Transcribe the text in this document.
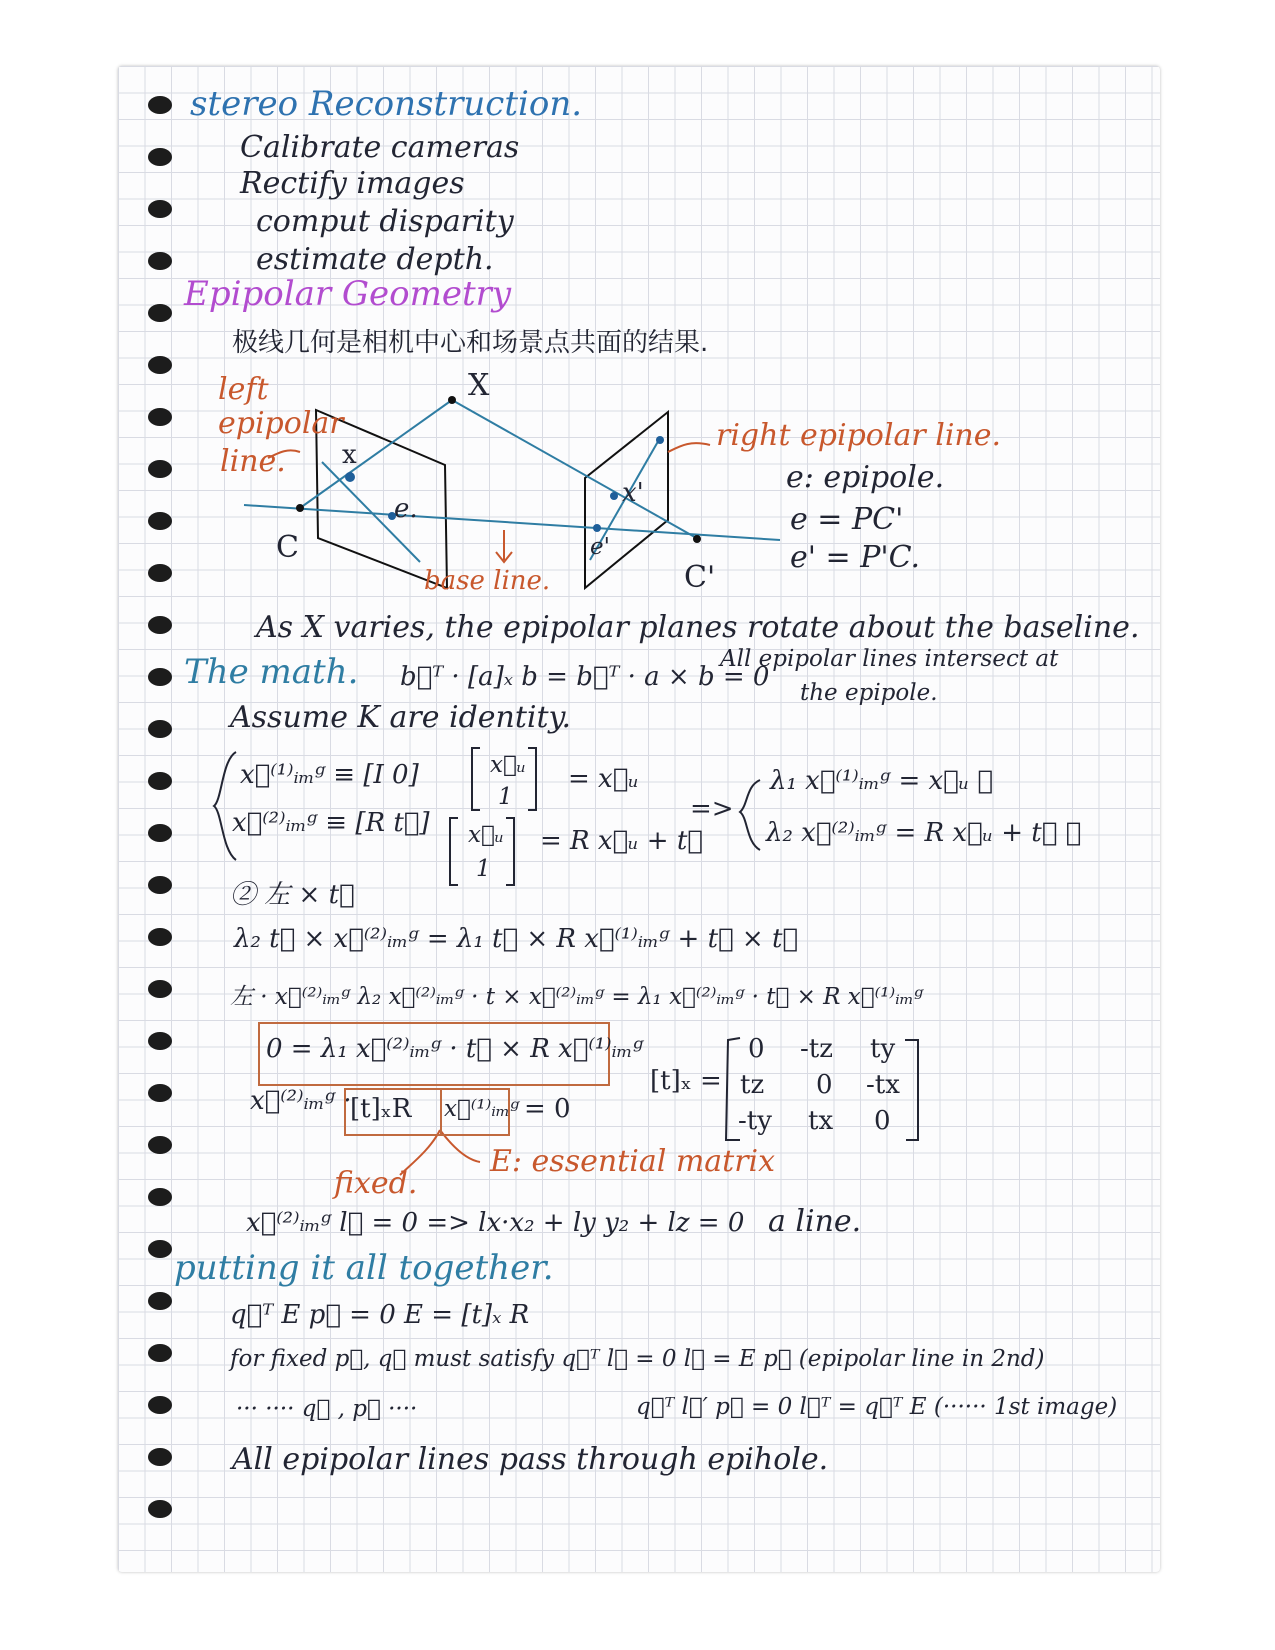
stereo Reconstruction.
Calibrate cameras
Rectify images
comput disparity
estimate depth.
Epipolar Geometry
极线几何是相机中心和场景点共面的结果.
X
x
e.
x'
e'
C
C'
left
epipolar
line.
right epipolar line.
base line.
e: epipole.
e = PC'
e' = P'C.
As X varies, the epipolar planes rotate about the baseline.
The math. b⃗ᵀ · [a]ₓ b = b⃗ᵀ · a × b = 0
All epipolar lines intersect at
the epipole.
Assume K are identity.
x⃗⁽¹⁾ᵢₘᵍ ≡ [I 0]	x⃗ᵤ
1
= x⃗ᵤ
x⃗⁽²⁾ᵢₘᵍ ≡ [R t⃗] x⃗ᵤ
1
= R x⃗ᵤ + t⃗
=>
λ₁ x⃗⁽¹⁾ᵢₘᵍ = x⃗ᵤ ①
λ₂ x⃗⁽²⁾ᵢₘᵍ = R x⃗ᵤ + t⃗ ②
② 左 × t⃗
λ₂ t⃗ × x⃗⁽²⁾ᵢₘᵍ = λ₁ t⃗ × R x⃗⁽¹⁾ᵢₘᵍ + t⃗ × t⃗
左 · x⃗⁽²⁾ᵢₘᵍ λ₂ x⃗⁽²⁾ᵢₘᵍ · t × x⃗⁽²⁾ᵢₘᵍ = λ₁ x⃗⁽²⁾ᵢₘᵍ · t⃗ × R x⃗⁽¹⁾ᵢₘᵍ
0 = λ₁ x⃗⁽²⁾ᵢₘᵍ · t⃗ × R x⃗⁽¹⁾ᵢₘᵍ
x⃗⁽²⁾ᵢₘᵍ ·
[t]ₓR x⃗⁽¹⁾ᵢₘᵍ = 0
fixed.
E: essential matrix
[t]ₓ =
0 -tz ty
tz 0 -tx
-ty tx 0
x⃗⁽²⁾ᵢₘᵍ l⃗ = 0 => lx·x₂ + ly y₂ + lz = 0 a line.
putting it all together.
q⃗ᵀ E p⃗ = 0 E = [t]ₓ R
for fixed p⃗, q⃗ must satisfy q⃗ᵀ l⃗ = 0 l⃗ = E p⃗ (epipolar line in 2nd)
··· ···· q⃗ , p⃗ ····	q⃗ᵀ l⃗′ p⃗ = 0 l⃗ᵀ = q⃗ᵀ E (······ 1st image)
All epipolar lines pass through epihole.
